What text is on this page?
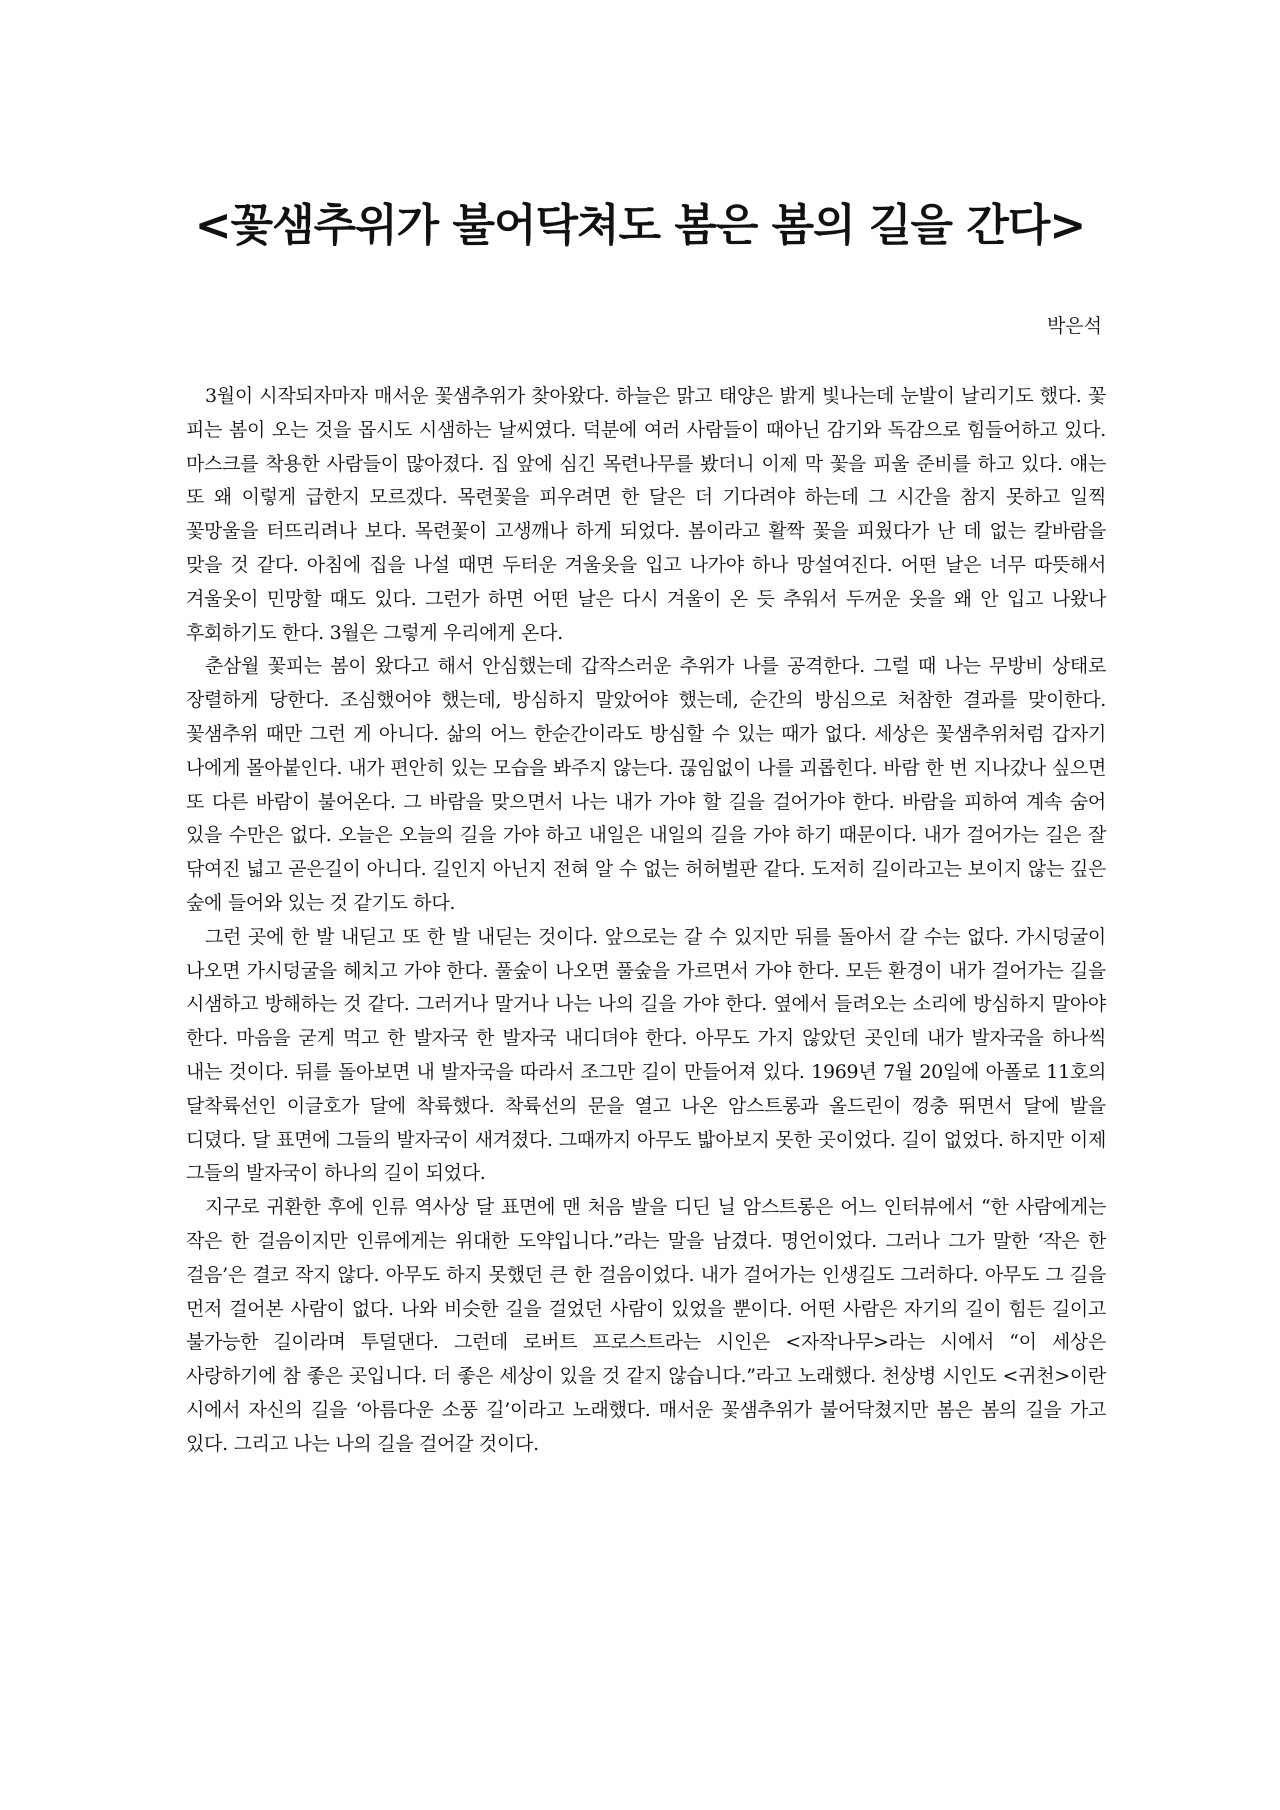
<꽃샘추위가 불어닥쳐도 봄은 봄의 길을 간다>

박은석

3월이 시작되자마자 매서운 꽃샘추위가 찾아왔다. 하늘은 맑고 태양은 밝게 빛나는데 눈발이 날리기도 했다. 꽃 피는 봄이 오는 것을 몹시도 시샘하는 날씨였다. 덕분에 여러 사람들이 때아닌 감기와 독감으로 힘들어하고 있다. 마스크를 착용한 사람들이 많아졌다. 집 앞에 심긴 목련나무를 봤더니 이제 막 꽃을 피울 준비를 하고 있다. 얘는 또 왜 이렇게 급한지 모르겠다. 목련꽃을 피우려면 한 달은 더 기다려야 하는데 그 시간을 참지 못하고 일찍 꽃망울을 터뜨리려나 보다. 목련꽃이 고생깨나 하게 되었다. 봄이라고 활짝 꽃을 피웠다가 난 데 없는 칼바람을 맞을 것 같다. 아침에 집을 나설 때면 두터운 겨울옷을 입고 나가야 하나 망설여진다. 어떤 날은 너무 따뜻해서 겨울옷이 민망할 때도 있다. 그런가 하면 어떤 날은 다시 겨울이 온 듯 추워서 두꺼운 옷을 왜 안 입고 나왔나 후회하기도 한다. 3월은 그렇게 우리에게 온다.

춘삼월 꽃피는 봄이 왔다고 해서 안심했는데 갑작스러운 추위가 나를 공격한다. 그럴 때 나는 무방비 상태로 장렬하게 당한다. 조심했어야 했는데, 방심하지 말았어야 했는데, 순간의 방심으로 처참한 결과를 맞이한다. 꽃샘추위 때만 그런 게 아니다. 삶의 어느 한순간이라도 방심할 수 있는 때가 없다. 세상은 꽃샘추위처럼 갑자기 나에게 몰아붙인다. 내가 편안히 있는 모습을 봐주지 않는다. 끊임없이 나를 괴롭힌다. 바람 한 번 지나갔나 싶으면 또 다른 바람이 불어온다. 그 바람을 맞으면서 나는 내가 가야 할 길을 걸어가야 한다. 바람을 피하여 계속 숨어 있을 수만은 없다. 오늘은 오늘의 길을 가야 하고 내일은 내일의 길을 가야 하기 때문이다. 내가 걸어가는 길은 잘 닦여진 넓고 곧은길이 아니다. 길인지 아닌지 전혀 알 수 없는 허허벌판 같다. 도저히 길이라고는 보이지 않는 깊은 숲에 들어와 있는 것 같기도 하다.

그런 곳에 한 발 내딛고 또 한 발 내딛는 것이다. 앞으로는 갈 수 있지만 뒤를 돌아서 갈 수는 없다. 가시덩굴이 나오면 가시덩굴을 헤치고 가야 한다. 풀숲이 나오면 풀숲을 가르면서 가야 한다. 모든 환경이 내가 걸어가는 길을 시샘하고 방해하는 것 같다. 그러거나 말거나 나는 나의 길을 가야 한다. 옆에서 들려오는 소리에 방심하지 말아야 한다. 마음을 굳게 먹고 한 발자국 한 발자국 내디뎌야 한다. 아무도 가지 않았던 곳인데 내가 발자국을 하나씩 내는 것이다. 뒤를 돌아보면 내 발자국을 따라서 조그만 길이 만들어져 있다. 1969년 7월 20일에 아폴로 11호의 달착륙선인 이글호가 달에 착륙했다. 착륙선의 문을 열고 나온 암스트롱과 올드린이 껑충 뛰면서 달에 발을 디뎠다. 달 표면에 그들의 발자국이 새겨졌다. 그때까지 아무도 밟아보지 못한 곳이었다. 길이 없었다. 하지만 이제 그들의 발자국이 하나의 길이 되었다.

지구로 귀환한 후에 인류 역사상 달 표면에 맨 처음 발을 디딘 닐 암스트롱은 어느 인터뷰에서 “한 사람에게는 작은 한 걸음이지만 인류에게는 위대한 도약입니다.”라는 말을 남겼다. 명언이었다. 그러나 그가 말한 ‘작은 한 걸음’은 결코 작지 않다. 아무도 하지 못했던 큰 한 걸음이었다. 내가 걸어가는 인생길도 그러하다. 아무도 그 길을 먼저 걸어본 사람이 없다. 나와 비슷한 길을 걸었던 사람이 있었을 뿐이다. 어떤 사람은 자기의 길이 힘든 길이고 불가능한 길이라며 투덜댄다. 그런데 로버트 프로스트라는 시인은 <자작나무>라는 시에서 “이 세상은 사랑하기에 참 좋은 곳입니다. 더 좋은 세상이 있을 것 같지 않습니다.”라고 노래했다. 천상병 시인도 <귀천>이란 시에서 자신의 길을 ‘아름다운 소풍 길’이라고 노래했다. 매서운 꽃샘추위가 불어닥쳤지만 봄은 봄의 길을 가고 있다. 그리고 나는 나의 길을 걸어갈 것이다.
